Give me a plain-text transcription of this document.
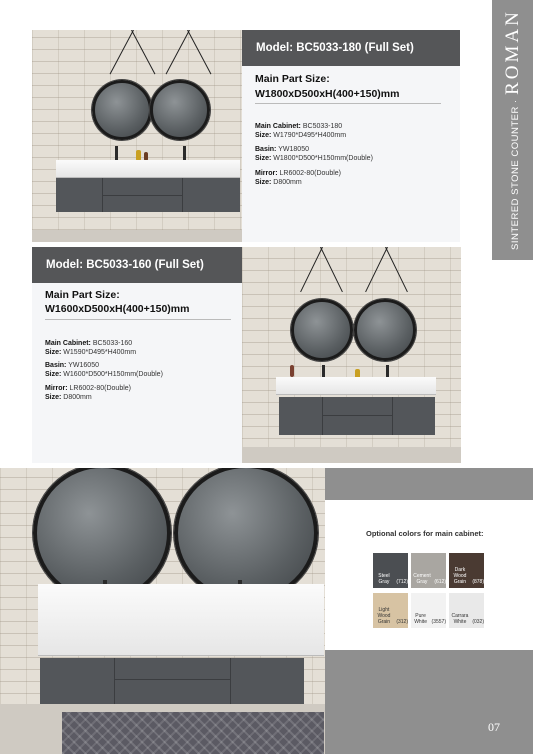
SINTERED STONE COUNTER · ROMAN
Model: BC5033-180 (Full Set)
Main Part Size:
W1800xD500xH(400+150)mm
Main Cabinet: BC5033-180
Size: W1790*D495*H400mm
Basin: YW18050
Size: W1800*D500*H150mm(Double)
Mirror: LR6002-80(Double)
Size: D800mm
Model: BC5033-160 (Full Set)
Main Part Size:
W1600xD500xH(400+150)mm
Main Cabinet: BC5033-160
Size: W1590*D495*H400mm
Basin: YW16050
Size: W1600*D500*H150mm(Double)
Mirror: LR6002-80(Double)
Size: D800mm
Optional colors for main cabinet:
Steel Gray
	(712)
Cement Gray
	(612)
Dark Wood Grain
	(878)
Light Wood Grain
	(312)
Pure White
(3557)
Carrara White
	(032)
07
